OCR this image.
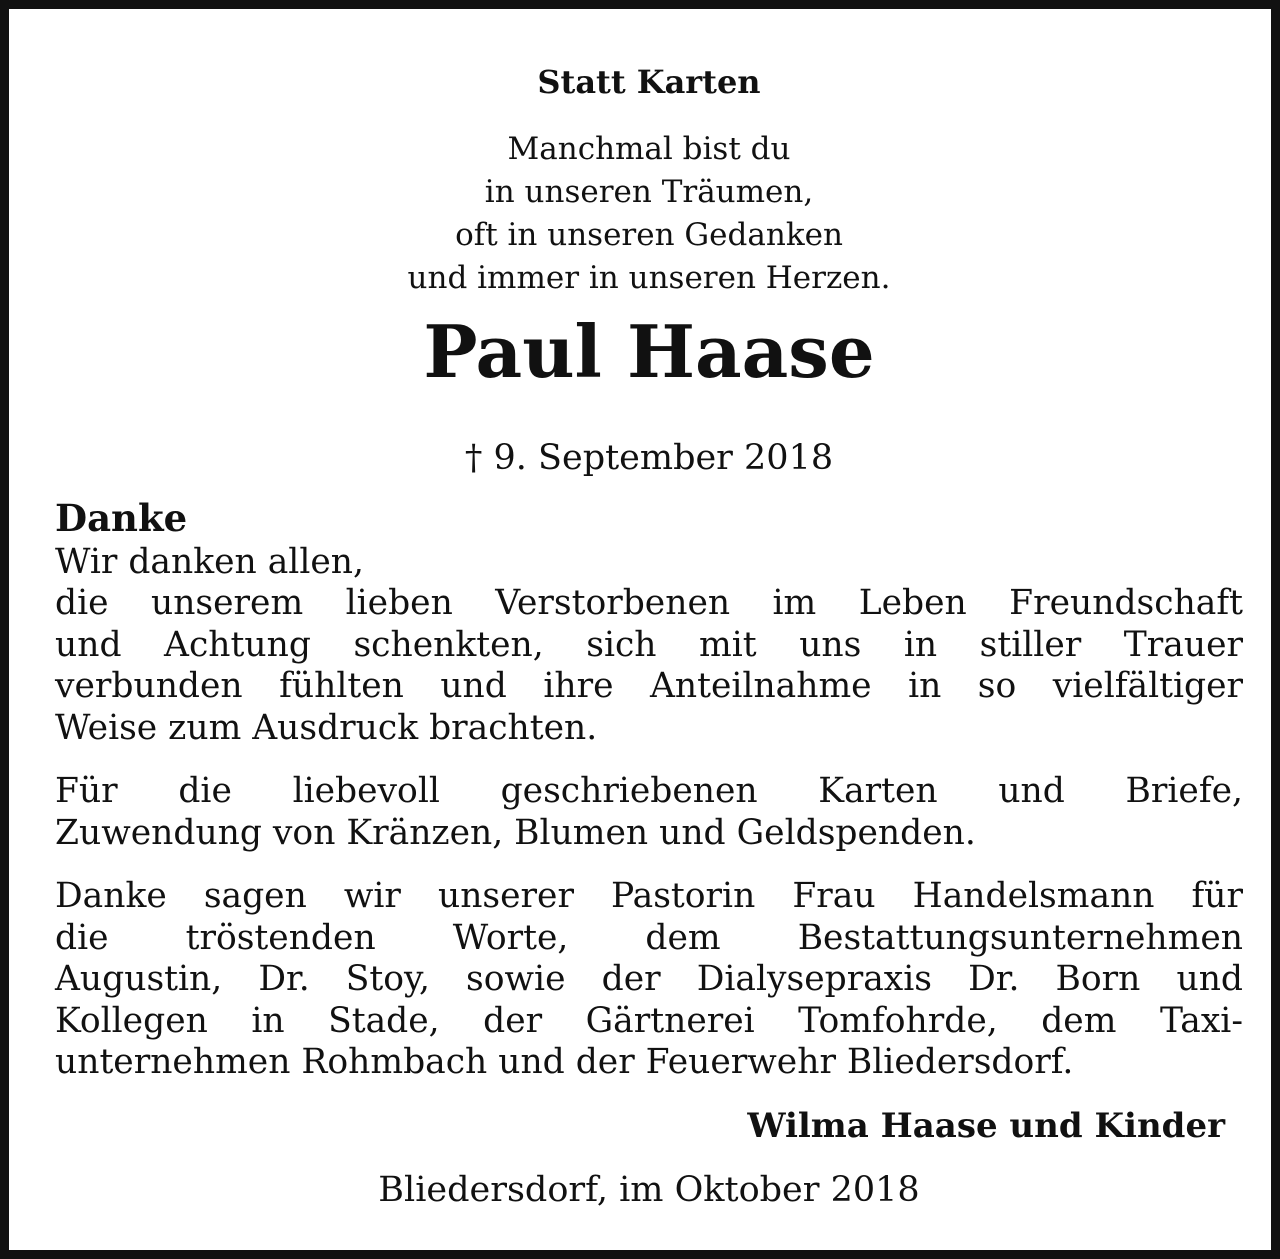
Statt Karten
Manchmal bist du
in unseren Träumen,
oft in unseren Gedanken
und immer in unseren Herzen.
Paul Haase
† 9. September 2018
Danke
Wir danken allen,
die unserem lieben Verstorbenen im Leben Freundschaft
und Achtung schenkten, sich mit uns in stiller Trauer
verbunden fühlten und ihre Anteilnahme in so vielfältiger
Weise zum Ausdruck brachten.
Für die liebevoll geschriebenen Karten und Briefe,
Zuwendung von Kränzen, Blumen und Geldspenden.
Danke sagen wir unserer Pastorin Frau Handelsmann für
die tröstenden Worte, dem Bestattungsunternehmen
Augustin, Dr. Stoy, sowie der Dialysepraxis Dr. Born und
Kollegen in Stade, der Gärtnerei Tomfohrde, dem Taxi-
unternehmen Rohmbach und der Feuerwehr Bliedersdorf.
Wilma Haase und Kinder
Bliedersdorf, im Oktober 2018
